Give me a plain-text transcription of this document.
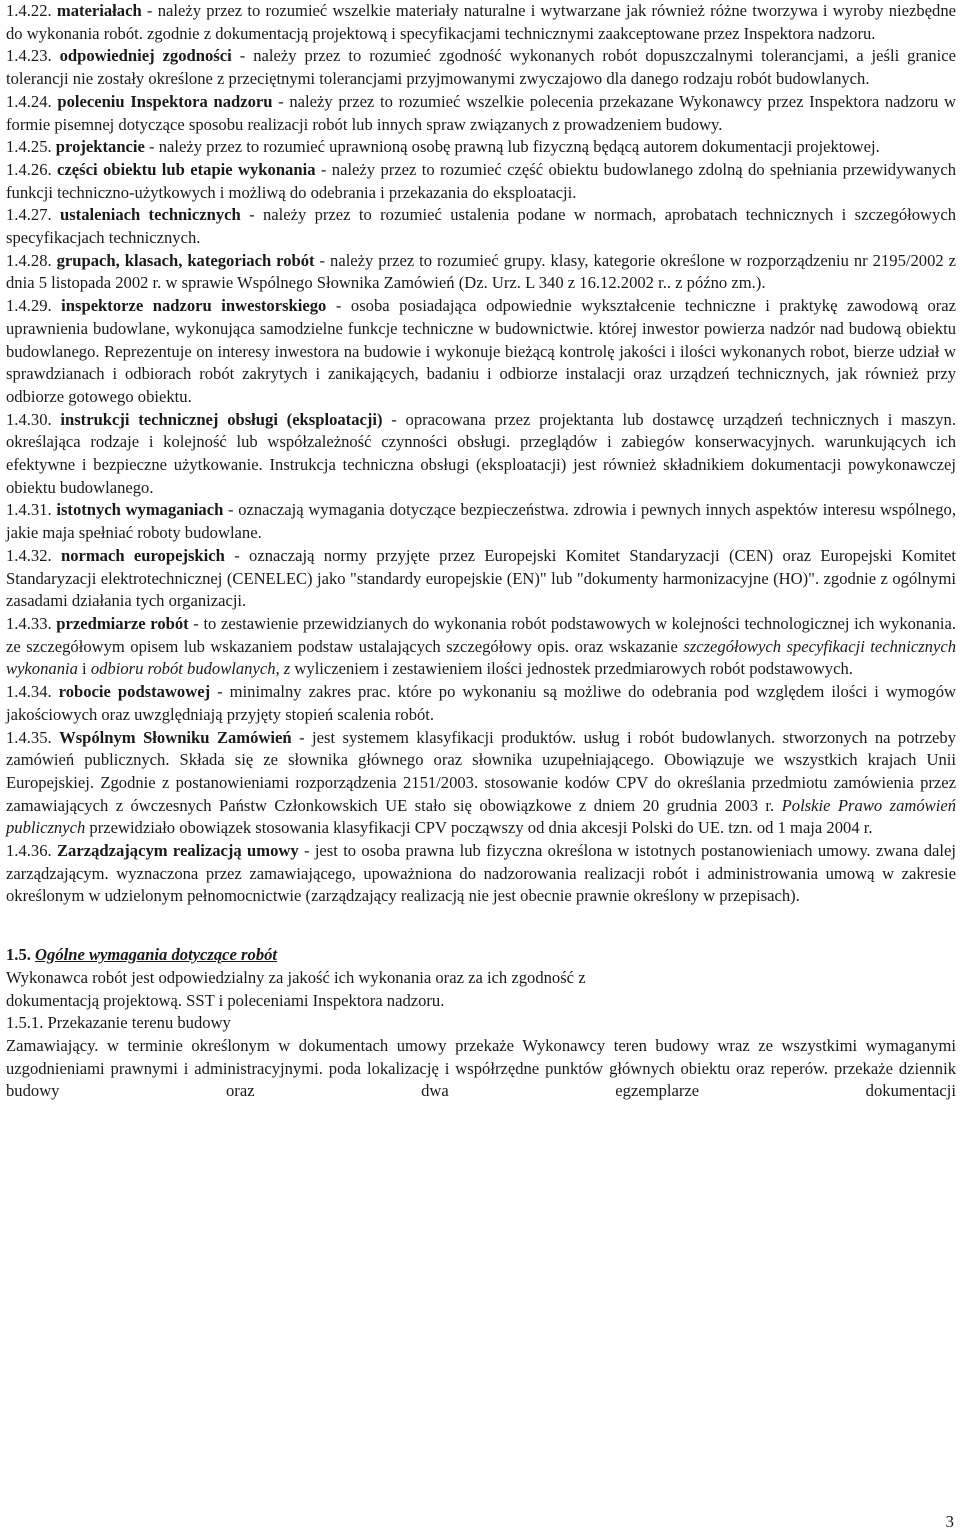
1.4.22. materiałach - należy przez to rozumieć wszelkie materiały naturalne i wytwarzane jak również różne tworzywa i wyroby niezbędne do wykonania robót. zgodnie z dokumentacją projektową i specyfikacjami technicznymi zaakceptowane przez Inspektora nadzoru.

1.4.23. odpowiedniej zgodności - należy przez to rozumieć zgodność wykonanych robót dopuszczalnymi tolerancjami, a jeśli granice tolerancji nie zostały określone z przeciętnymi tolerancjami przyjmowanymi zwyczajowo dla danego rodzaju robót budowlanych.

1.4.24. poleceniu Inspektora nadzoru - należy przez to rozumieć wszelkie polecenia przekazane Wykonawcy przez Inspektora nadzoru w formie pisemnej dotyczące sposobu realizacji robót lub innych spraw związanych z prowadzeniem budowy.

1.4.25. projektancie - należy przez to rozumieć uprawnioną osobę prawną lub fizyczną będącą autorem dokumentacji projektowej.

1.4.26. części obiektu lub etapie wykonania - należy przez to rozumieć część obiektu budowlanego zdolną do spełniania przewidywanych funkcji techniczno-użytkowych i możliwą do odebrania i przekazania do eksploatacji.

1.4.27. ustaleniach technicznych - należy przez to rozumieć ustalenia podane w normach, aprobatach technicznych i szczegółowych specyfikacjach technicznych.

1.4.28. grupach, klasach, kategoriach robót - należy przez to rozumieć grupy. klasy, kategorie określone w rozporządzeniu nr 2195/2002 z dnia 5 listopada 2002 r. w sprawie Wspólnego Słownika Zamówień (Dz. Urz. L 340 z 16.12.2002 r.. z późno zm.).

1.4.29. inspektorze nadzoru inwestorskiego - osoba posiadająca odpowiednie wykształcenie techniczne i praktykę zawodową oraz uprawnienia budowlane, wykonująca samodzielne funkcje techniczne w budownictwie. której inwestor powierza nadzór nad budową obiektu budowlanego. Reprezentuje on interesy inwestora na budowie i wykonuje bieżącą kontrolę jakości i ilości wykonanych robot, bierze udział w sprawdzianach i odbiorach robót zakrytych i zanikających, badaniu i odbiorze instalacji oraz urządzeń technicznych, jak również przy odbiorze gotowego obiektu.

1.4.30. instrukcji technicznej obsługi (eksploatacji) - opracowana przez projektanta lub dostawcę urządzeń technicznych i maszyn. określająca rodzaje i kolejność lub współzależność czynności obsługi. przeglądów i zabiegów konserwacyjnych. warunkujących ich efektywne i bezpieczne użytkowanie. Instrukcja techniczna obsługi (eksploatacji) jest również składnikiem dokumentacji powykonawczej obiektu budowlanego.

1.4.31. istotnych wymaganiach - oznaczają wymagania dotyczące bezpieczeństwa. zdrowia i pewnych innych aspektów interesu wspólnego, jakie maja spełniać roboty budowlane.

1.4.32. normach europejskich - oznaczają normy przyjęte przez Europejski Komitet Standaryzacji (CEN) oraz Europejski Komitet Standaryzacji elektrotechnicznej (CENELEC) jako "standardy europejskie (EN)" lub "dokumenty harmonizacyjne (HO)". zgodnie z ogólnymi zasadami działania tych organizacji.

1.4.33. przedmiarze robót - to zestawienie przewidzianych do wykonania robót podstawowych w kolejności technologicznej ich wykonania. ze szczegółowym opisem lub wskazaniem podstaw ustalających szczegółowy opis. oraz wskazanie szczegółowych specyfikacji technicznych wykonania i odbioru robót budowlanych, z wyliczeniem i zestawieniem ilości jednostek przedmiarowych robót podstawowych.

1.4.34. robocie podstawowej - minimalny zakres prac. które po wykonaniu są możliwe do odebrania pod względem ilości i wymogów jakościowych oraz uwzględniają przyjęty stopień scalenia robót.

1.4.35. Wspólnym Słowniku Zamówień - jest systemem klasyfikacji produktów. usług i robót budowlanych. stworzonych na potrzeby zamówień publicznych. Składa się ze słownika głównego oraz słownika uzupełniającego. Obowiązuje we wszystkich krajach Unii Europejskiej. Zgodnie z postanowieniami rozporządzenia 2151/2003. stosowanie kodów CPV do określania przedmiotu zamówienia przez zamawiających z ówczesnych Państw Członkowskich UE stało się obowiązkowe z dniem 20 grudnia 2003 r. Polskie Prawo zamówień publicznych przewidziało obowiązek stosowania klasyfikacji CPV począwszy od dnia akcesji Polski do UE. tzn. od 1 maja 2004 r.

1.4.36. Zarządzającym realizacją umowy - jest to osoba prawna lub fizyczna określona w istotnych postanowieniach umowy. zwana dalej zarządzającym. wyznaczona przez zamawiającego, upoważniona do nadzorowania realizacji robót i administrowania umową w zakresie określonym w udzielonym pełnomocnictwie (zarządzający realizacją nie jest obecnie prawnie określony w przepisach).

1.5. Ogólne wymagania dotyczące robót

Wykonawca robót jest odpowiedzialny za jakość ich wykonania oraz za ich zgodność z
dokumentacją projektową. SST i poleceniami Inspektora nadzoru.

1.5.1. Przekazanie terenu budowy

Zamawiający. w terminie określonym w dokumentach umowy przekaże Wykonawcy teren budowy wraz ze wszystkimi wymaganymi uzgodnieniami prawnymi i administracyjnymi. poda lokalizację i współrzędne punktów głównych obiektu oraz reperów. przekaże dziennik budowy oraz dwa egzemplarze dokumentacji

3
